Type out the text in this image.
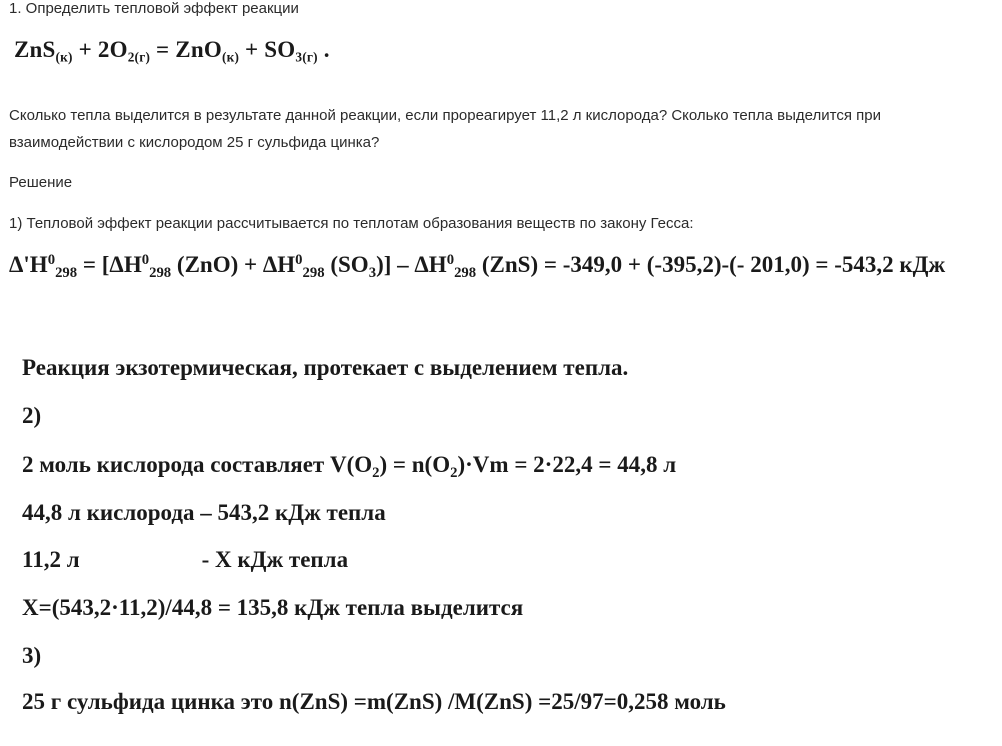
1. Определить тепловой эффект реакции
$ZnS_{(к)} + 2O_{2(г)} = ZnO_{(к)} + SO_{3(г)}$ .
Сколько тепла выделится в результате данной реакции, если прореагирует 11,2 л кислорода? Сколько тепла выделится при взаимодействии с кислородом 25 г сульфида цинка?
Решение
1) Тепловой эффект реакции рассчитывается по теплотам образования веществ по закону Гесса:
$\Delta'H^0_{298} = [\Delta H^0_{298}$ $(ZnO) + \Delta H^0_{298}$ $(SO_3)] - \Delta H^0_{298}$ (ZnS) = -349,0 + (-395,2)-(- 201,0) = -543,2 кДж
Реакция экзотермическая, протекает с выделением тепла.
2)
2 моль кислорода составляет $V(O_2) = n(O_2)\cdot Vm = 2\cdot 22,4 = 44,8$ л
44,8 л кислорода – 543,2 кДж тепла
11,2 л	- X кДж тепла
X=(543,2·11,2)/44,8 = 135,8 кДж тепла выделится
3)
25 г сульфида цинка это n(ZnS) =m(ZnS) /M(ZnS) =25/97=0,258 моль
